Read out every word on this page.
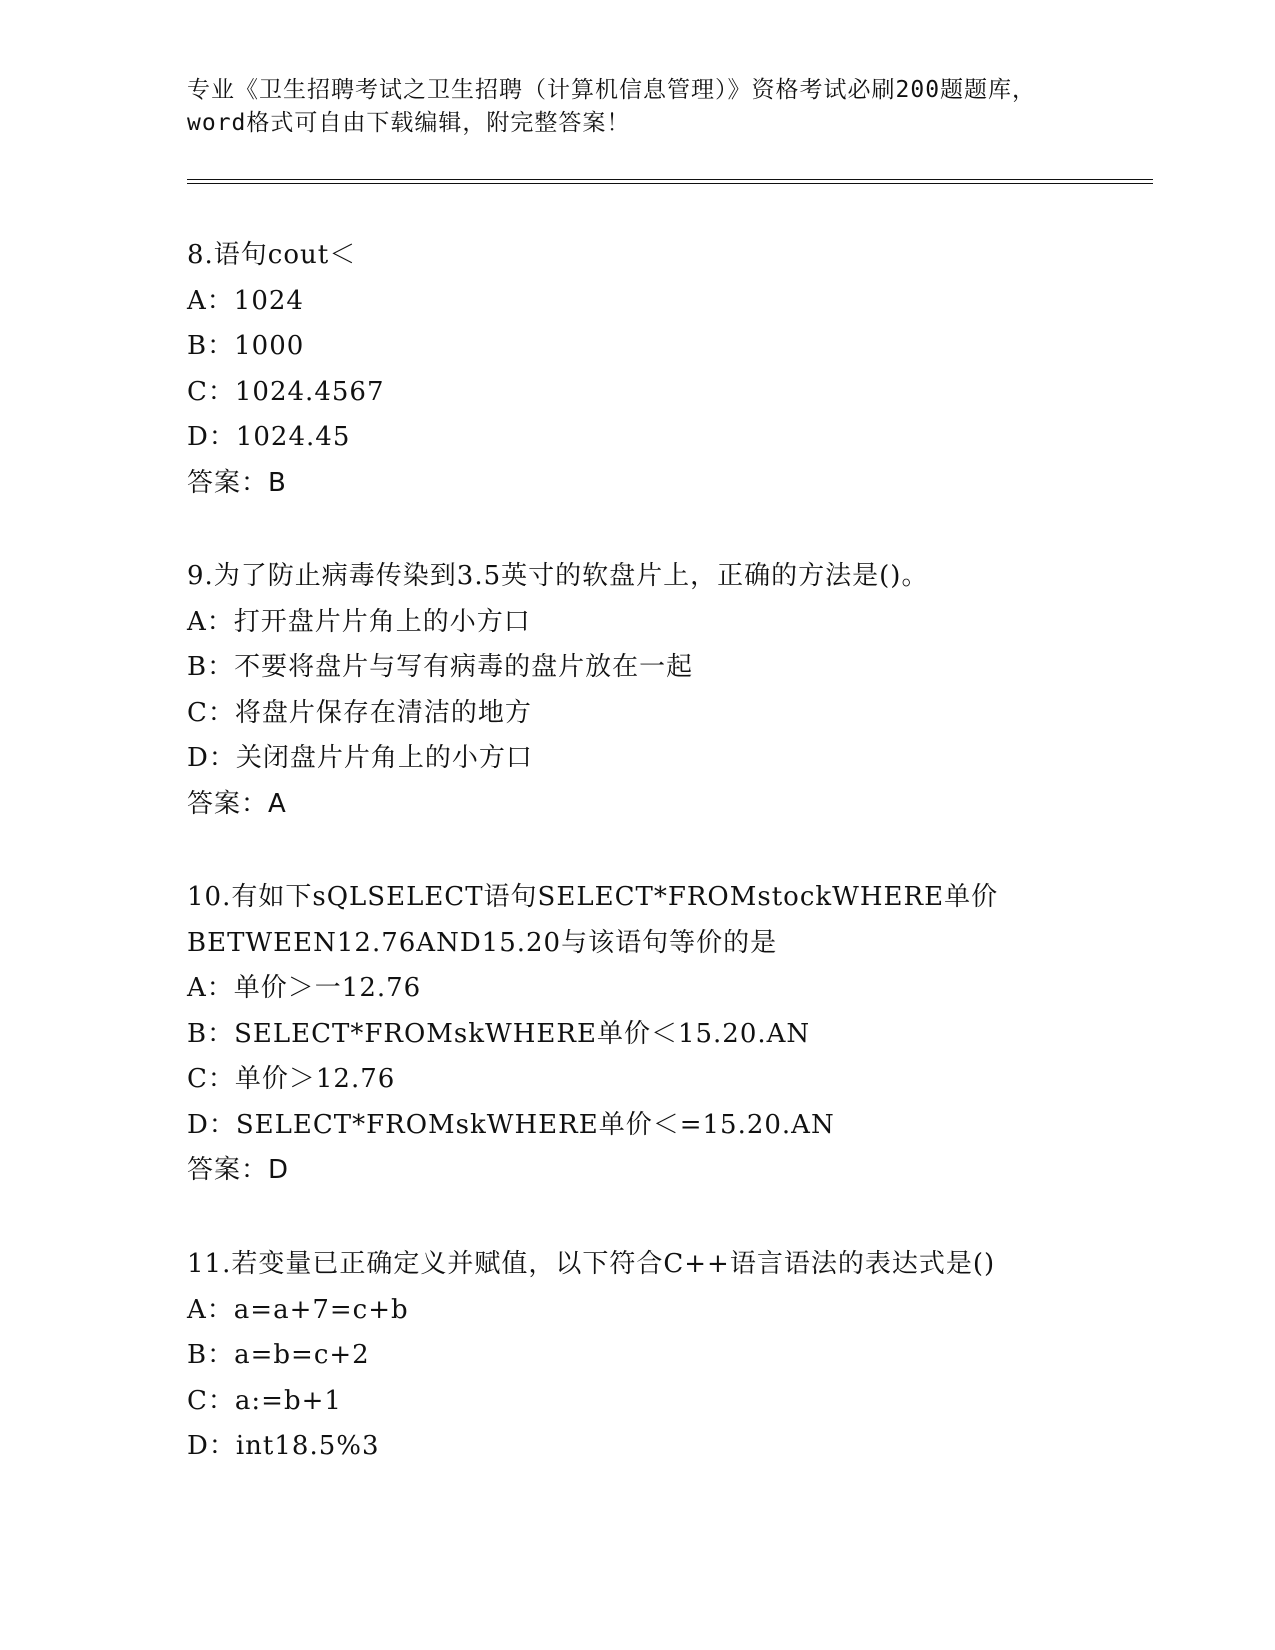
专业《卫生招聘考试之卫生招聘（计算机信息管理）》资格考试必刷200题题库，
word格式可自由下载编辑，附完整答案！
8.语句cout＜
A：1024
B：1000
C：1024.4567
D：1024.45
答案：B
9.为了防止病毒传染到3.5英寸的软盘片上，正确的方法是()。
A：打开盘片片角上的小方口
B：不要将盘片与写有病毒的盘片放在一起
C：将盘片保存在清洁的地方
D：关闭盘片片角上的小方口
答案：A
10.有如下sQLSELECT语句SELECT*FROMstockWHERE单价
BETWEEN12.76AND15.20与该语句等价的是
A：单价＞一12.76
B：SELECT*FROMskWHERE单价＜15.20.AN
C：单价＞12.76
D：SELECT*FROMskWHERE单价＜=15.20.AN
答案：D
11.若变量已正确定义并赋值，以下符合C++语言语法的表达式是()
A：a=a+7=c+b
B：a=b=c+2
C：a:=b+1
D：int18.5%3
